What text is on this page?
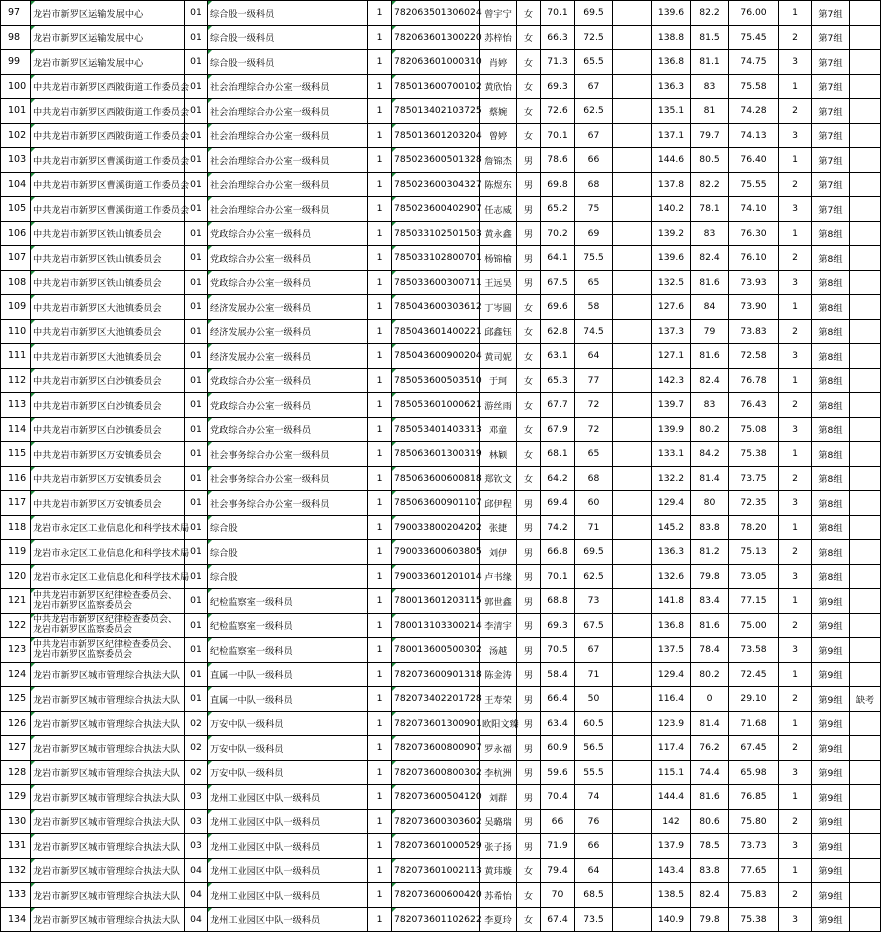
97	龙岩市新罗区运输发展中心	01	综合股一级科员	1	782063501306024	曾宇宁	女	70.1	69.5		139.6	82.2	76.00	1	第7组	
98	龙岩市新罗区运输发展中心	01	综合股一级科员	1	782063601300220	苏梓怡	女	66.3	72.5		138.8	81.5	75.45	2	第7组	
99	龙岩市新罗区运输发展中心	01	综合股一级科员	1	782063601000310	肖婷	女	71.3	65.5		136.8	81.1	74.75	3	第7组	
100	中共龙岩市新罗区西陂街道工作委员会	01	社会治理综合办公室一级科员	1	785013600700102	黄欣怡	女	69.3	67		136.3	83	75.58	1	第7组	
101	中共龙岩市新罗区西陂街道工作委员会	01	社会治理综合办公室一级科员	1	785013402103725	蔡婉	女	72.6	62.5		135.1	81	74.28	2	第7组	
102	中共龙岩市新罗区西陂街道工作委员会	01	社会治理综合办公室一级科员	1	785013601203204	曾婷	女	70.1	67		137.1	79.7	74.13	3	第7组	
103	中共龙岩市新罗区曹溪街道工作委员会	01	社会治理综合办公室一级科员	1	785023600501328	詹锦杰	男	78.6	66		144.6	80.5	76.40	1	第7组	
104	中共龙岩市新罗区曹溪街道工作委员会	01	社会治理综合办公室一级科员	1	785023600304327	陈煜东	男	69.8	68		137.8	82.2	75.55	2	第7组	
105	中共龙岩市新罗区曹溪街道工作委员会	01	社会治理综合办公室一级科员	1	785023600402907	任志威	男	65.2	75		140.2	78.1	74.10	3	第7组	
106	中共龙岩市新罗区铁山镇委员会	01	党政综合办公室一级科员	1	785033102501503	黄永鑫	男	70.2	69		139.2	83	76.30	1	第8组	
107	中共龙岩市新罗区铁山镇委员会	01	党政综合办公室一级科员	1	785033102800701	杨锦榆	男	64.1	75.5		139.6	82.4	76.10	2	第8组	
108	中共龙岩市新罗区铁山镇委员会	01	党政综合办公室一级科员	1	785033600300711	王远昊	男	67.5	65		132.5	81.6	73.93	3	第8组	
109	中共龙岩市新罗区大池镇委员会	01	经济发展办公室一级科员	1	785043600303612	丁岑圆	女	69.6	58		127.6	84	73.90	1	第8组	
110	中共龙岩市新罗区大池镇委员会	01	经济发展办公室一级科员	1	785043601400221	邱鑫钰	女	62.8	74.5		137.3	79	73.83	2	第8组	
111	中共龙岩市新罗区大池镇委员会	01	经济发展办公室一级科员	1	785043600900204	黄司妮	女	63.1	64		127.1	81.6	72.58	3	第8组	
112	中共龙岩市新罗区白沙镇委员会	01	党政综合办公室一级科员	1	785053600503510	于珂	女	65.3	77		142.3	82.4	76.78	1	第8组	
113	中共龙岩市新罗区白沙镇委员会	01	党政综合办公室一级科员	1	785053601000621	游丝雨	女	67.7	72		139.7	83	76.43	2	第8组	
114	中共龙岩市新罗区白沙镇委员会	01	党政综合办公室一级科员	1	785053401403313	邓童	女	67.9	72		139.9	80.2	75.08	3	第8组	
115	中共龙岩市新罗区万安镇委员会	01	社会事务综合办公室一级科员	1	785063601300319	林颖	女	68.1	65		133.1	84.2	75.38	1	第8组	
116	中共龙岩市新罗区万安镇委员会	01	社会事务综合办公室一级科员	1	785063600600818	郑钦文	女	64.2	68		132.2	81.4	73.75	2	第8组	
117	中共龙岩市新罗区万安镇委员会	01	社会事务综合办公室一级科员	1	785063600901107	邱伊程	男	69.4	60		129.4	80	72.35	3	第8组	
118	龙岩市永定区工业信息化和科学技术局	01	综合股	1	790033800204202	张捷	男	74.2	71		145.2	83.8	78.20	1	第8组	
119	龙岩市永定区工业信息化和科学技术局	01	综合股	1	790033600603805	刘伊	男	66.8	69.5		136.3	81.2	75.13	2	第8组	
120	龙岩市永定区工业信息化和科学技术局	01	综合股	1	790033601201014	卢书缘	男	70.1	62.5		132.6	79.8	73.05	3	第8组	
121	中共龙岩市新罗区纪律检查委员会、龙岩市新罗区监察委员会	01	纪检监察室一级科员	1	780013601203115	郭世鑫	男	68.8	73		141.8	83.4	77.15	1	第9组	
122	中共龙岩市新罗区纪律检查委员会、龙岩市新罗区监察委员会	01	纪检监察室一级科员	1	780013103300214	李清宇	男	69.3	67.5		136.8	81.6	75.00	2	第9组	
123	中共龙岩市新罗区纪律检查委员会、龙岩市新罗区监察委员会	01	纪检监察室一级科员	1	780013600500302	汤越	男	70.5	67		137.5	78.4	73.58	3	第9组	
124	龙岩市新罗区城市管理综合执法大队	01	直属一中队一级科员	1	782073600901318	陈金涛	男	58.4	71		129.4	80.2	72.45	1	第9组	
125	龙岩市新罗区城市管理综合执法大队	01	直属一中队一级科员	1	782073402201728	王寿荣	男	66.4	50		116.4	0	29.10	2	第9组	缺考
126	龙岩市新罗区城市管理综合执法大队	02	万安中队一级科员	1	782073601300901	欧阳文臻	男	63.4	60.5		123.9	81.4	71.68	1	第9组	
127	龙岩市新罗区城市管理综合执法大队	02	万安中队一级科员	1	782073600800907	罗永福	男	60.9	56.5		117.4	76.2	67.45	2	第9组	
128	龙岩市新罗区城市管理综合执法大队	02	万安中队一级科员	1	782073600800302	李杭洲	男	59.6	55.5		115.1	74.4	65.98	3	第9组	
129	龙岩市新罗区城市管理综合执法大队	03	龙州工业园区中队一级科员	1	782073600504120	刘群	男	70.4	74		144.4	81.6	76.85	1	第9组	
130	龙岩市新罗区城市管理综合执法大队	03	龙州工业园区中队一级科员	1	782073600303602	吴璐瑞	男	66	76		142	80.6	75.80	2	第9组	
131	龙岩市新罗区城市管理综合执法大队	03	龙州工业园区中队一级科员	1	782073601000529	张子扬	男	71.9	66		137.9	78.5	73.73	3	第9组	
132	龙岩市新罗区城市管理综合执法大队	04	龙州工业园区中队一级科员	1	782073601002113	黄玮璇	女	79.4	64		143.4	83.8	77.65	1	第9组	
133	龙岩市新罗区城市管理综合执法大队	04	龙州工业园区中队一级科员	1	782073600600420	苏希怡	女	70	68.5		138.5	82.4	75.83	2	第9组	
134	龙岩市新罗区城市管理综合执法大队	04	龙州工业园区中队一级科员	1	782073601102622	李夏玲	女	67.4	73.5		140.9	79.8	75.38	3	第9组	
